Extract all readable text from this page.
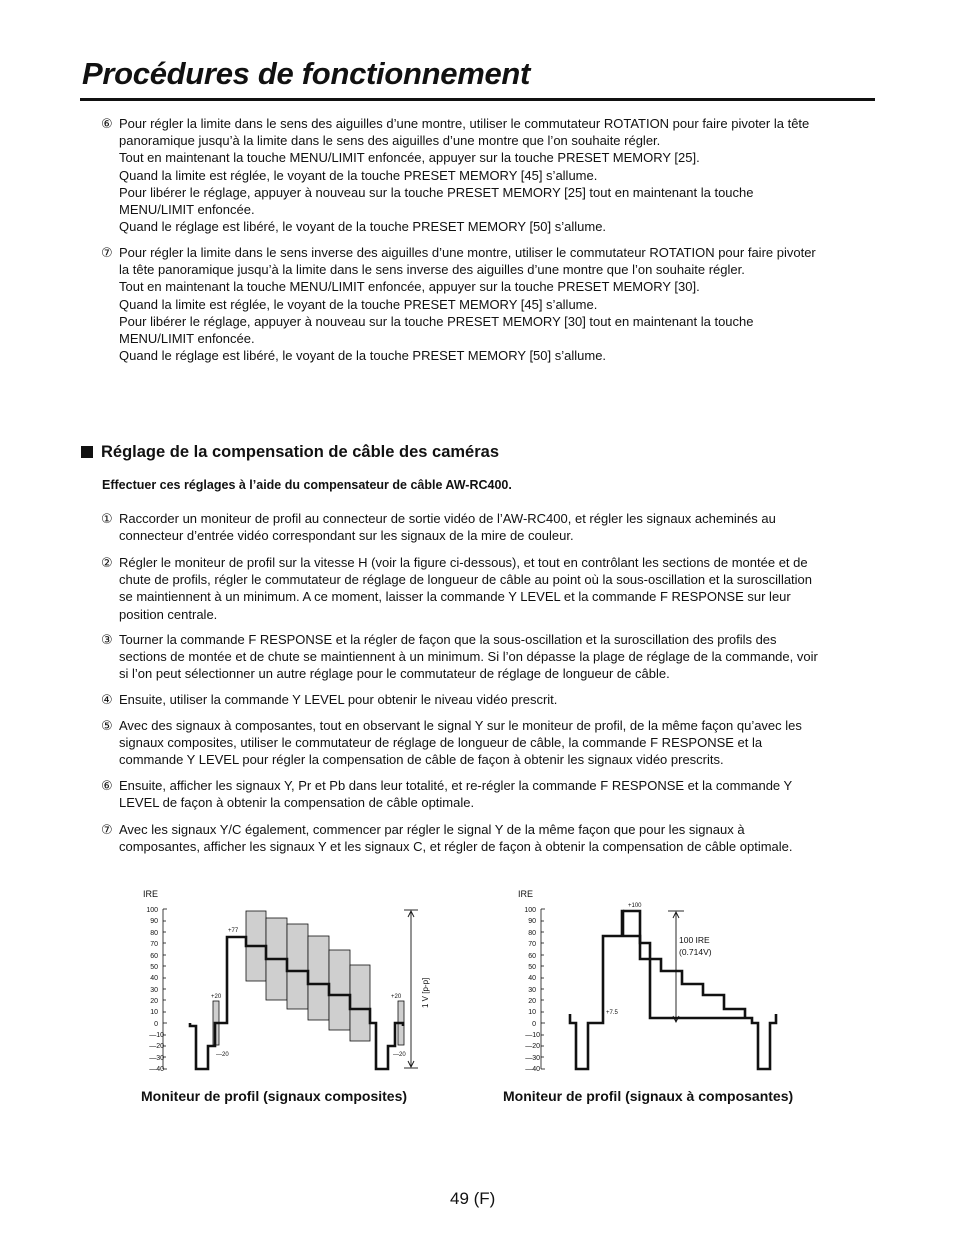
Procédures de fonctionnement
⑥ Pour régler la limite dans le sens des aiguilles d’une montre, utiliser le commutateur ROTATION pour faire pivoter la tête
panoramique jusqu’à la limite dans le sens des aiguilles d’une montre que l’on souhaite régler.
Tout en maintenant la touche MENU/LIMIT enfoncée, appuyer sur la touche PRESET MEMORY [25].
Quand la limite est réglée, le voyant de la touche PRESET MEMORY [45] s’allume.
Pour libérer le réglage, appuyer à nouveau sur la touche PRESET MEMORY [25] tout en maintenant la touche
MENU/LIMIT enfoncée.
Quand le réglage est libéré, le voyant de la touche PRESET MEMORY [50] s’allume.
⑦ Pour régler la limite dans le sens inverse des aiguilles d’une montre, utiliser le commutateur ROTATION pour faire pivoter
la tête panoramique jusqu’à la limite dans le sens inverse des aiguilles d’une montre que l’on souhaite régler.
Tout en maintenant la touche MENU/LIMIT enfoncée, appuyer sur la touche PRESET MEMORY [30].
Quand la limite est réglée, le voyant de la touche PRESET MEMORY [45] s’allume.
Pour libérer le réglage, appuyer à nouveau sur la touche PRESET MEMORY [30] tout en maintenant la touche
MENU/LIMIT enfoncée.
Quand le réglage est libéré, le voyant de la touche PRESET MEMORY [50] s’allume.
Réglage de la compensation de câble des caméras
Effectuer ces réglages à l’aide du compensateur de câble AW-RC400.
① Raccorder un moniteur de profil au connecteur de sortie vidéo de l’AW-RC400, et régler les signaux acheminés au
connecteur d’entrée vidéo correspondant sur les signaux de la mire de couleur.
② Régler le moniteur de profil sur la vitesse H (voir la figure ci-dessous), et tout en contrôlant les sections de montée et de
chute de profils, régler le commutateur de réglage de longueur de câble au point où la sous-oscillation et la suroscillation
se maintiennent à un minimum. A ce moment, laisser la commande Y LEVEL et la commande F RESPONSE sur leur
position centrale.
③ Tourner la commande F RESPONSE et la régler de façon que la sous-oscillation et la suroscillation des profils des
sections de montée et de chute se maintiennent à un minimum. Si l’on dépasse la plage de réglage de la commande, voir
si l’on peut sélectionner un autre réglage pour le commutateur de réglage de longueur de câble.
④ Ensuite, utiliser la commande Y LEVEL pour obtenir le niveau vidéo prescrit.
⑤ Avec des signaux à composantes, tout en observant le signal Y sur le moniteur de profil, de la même façon qu’avec les
signaux composites, utiliser le commutateur de réglage de longueur de câble, la commande F RESPONSE et la
commande Y LEVEL pour régler la compensation de câble de façon à obtenir les signaux vidéo prescrits.
⑥ Ensuite, afficher les signaux Y, Pr et Pb dans leur totalité, et re-régler la commande F RESPONSE et la commande Y
LEVEL de façon à obtenir la compensation de câble optimale.
⑦ Avec les signaux Y/C également, commencer par régler le signal Y de la même façon que pour les signaux à
composantes, afficher les signaux Y et les signaux C, et régler de façon à obtenir la compensation de câble optimale.
IRE
100
90
80
70
60
50
40
30
20
10
0
—10
—20
—30
—40
1 V [p-p]
+77
+20
—20
+20
—20
Moniteur de profil (signaux composites)
IRE
100
90
80
70
60
50
40
30
20
10
0
—10
—20
—30
—40
+100
+7.5
100 IRE
(0.714V)
Moniteur de profil (signaux à composantes)
49 (F)
